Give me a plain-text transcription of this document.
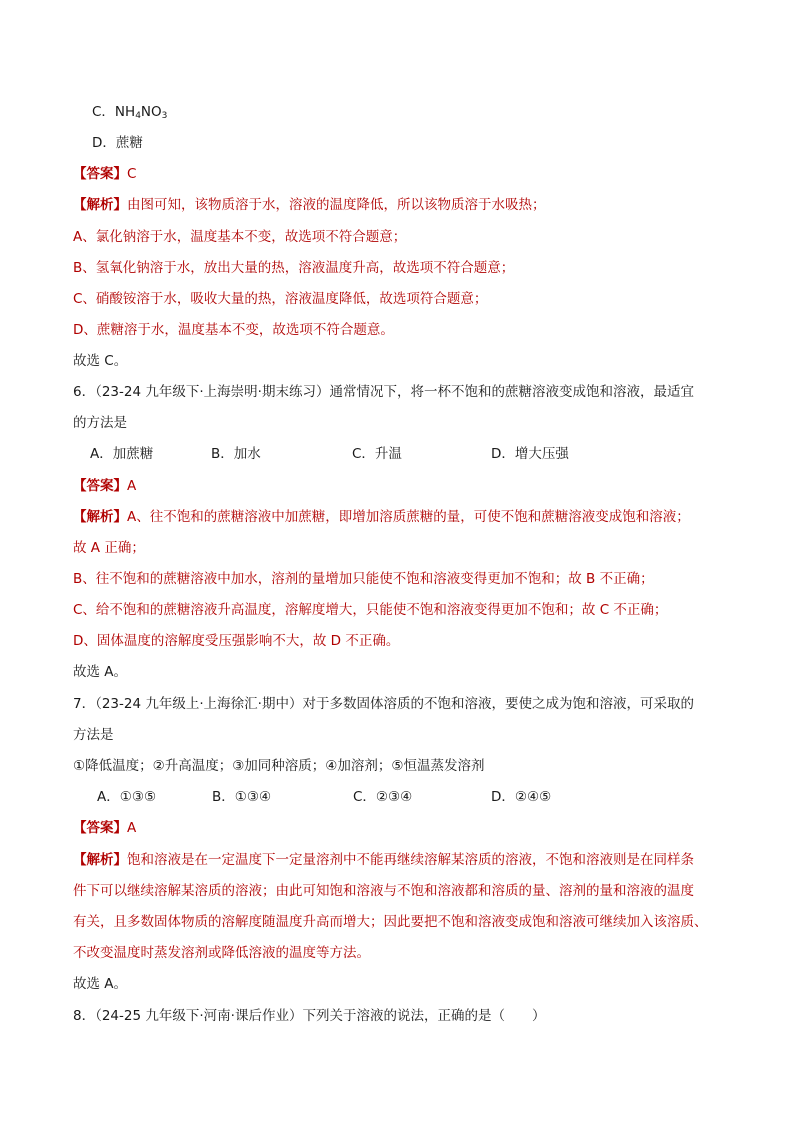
C．$NH_4NO_3$
D．蔗糖
【答案】C
【解析】由图可知，该物质溶于水，溶液的温度降低，所以该物质溶于水吸热；
A、氯化钠溶于水，温度基本不变，故选项不符合题意；
B、氢氧化钠溶于水，放出大量的热，溶液温度升高，故选项不符合题意；
C、硝酸铵溶于水，吸收大量的热，溶液温度降低，故选项符合题意；
D、蔗糖溶于水，温度基本不变，故选项不符合题意。
故选 C。
6．（23-24 九年级下·上海崇明·期末练习）通常情况下，将一杯不饱和的蔗糖溶液变成饱和溶液，最适宜
的方法是
A．加蔗糖	B．加水	C．升温	D．增大压强
【答案】A
【解析】A、往不饱和的蔗糖溶液中加蔗糖，即增加溶质蔗糖的量，可使不饱和蔗糖溶液变成饱和溶液；
故 A 正确；
B、往不饱和的蔗糖溶液中加水，溶剂的量增加只能使不饱和溶液变得更加不饱和；故 B 不正确；
C、给不饱和的蔗糖溶液升高温度，溶解度增大，只能使不饱和溶液变得更加不饱和；故 C 不正确；
D、固体温度的溶解度受压强影响不大，故 D 不正确。
故选 A。
7．（23-24 九年级上·上海徐汇·期中）对于多数固体溶质的不饱和溶液，要使之成为饱和溶液，可采取的
方法是
①降低温度；②升高温度；③加同种溶质；④加溶剂；⑤恒温蒸发溶剂
A．①③⑤	B．①③④	C．②③④	D．②④⑤
【答案】A
【解析】饱和溶液是在一定温度下一定量溶剂中不能再继续溶解某溶质的溶液，不饱和溶液则是在同样条
件下可以继续溶解某溶质的溶液；由此可知饱和溶液与不饱和溶液都和溶质的量、溶剂的量和溶液的温度
有关，且多数固体物质的溶解度随温度升高而增大；因此要把不饱和溶液变成饱和溶液可继续加入该溶质、
不改变温度时蒸发溶剂或降低溶液的温度等方法。
故选 A。
8．（24-25 九年级下·河南·课后作业）下列关于溶液的说法，正确的是（　　）
